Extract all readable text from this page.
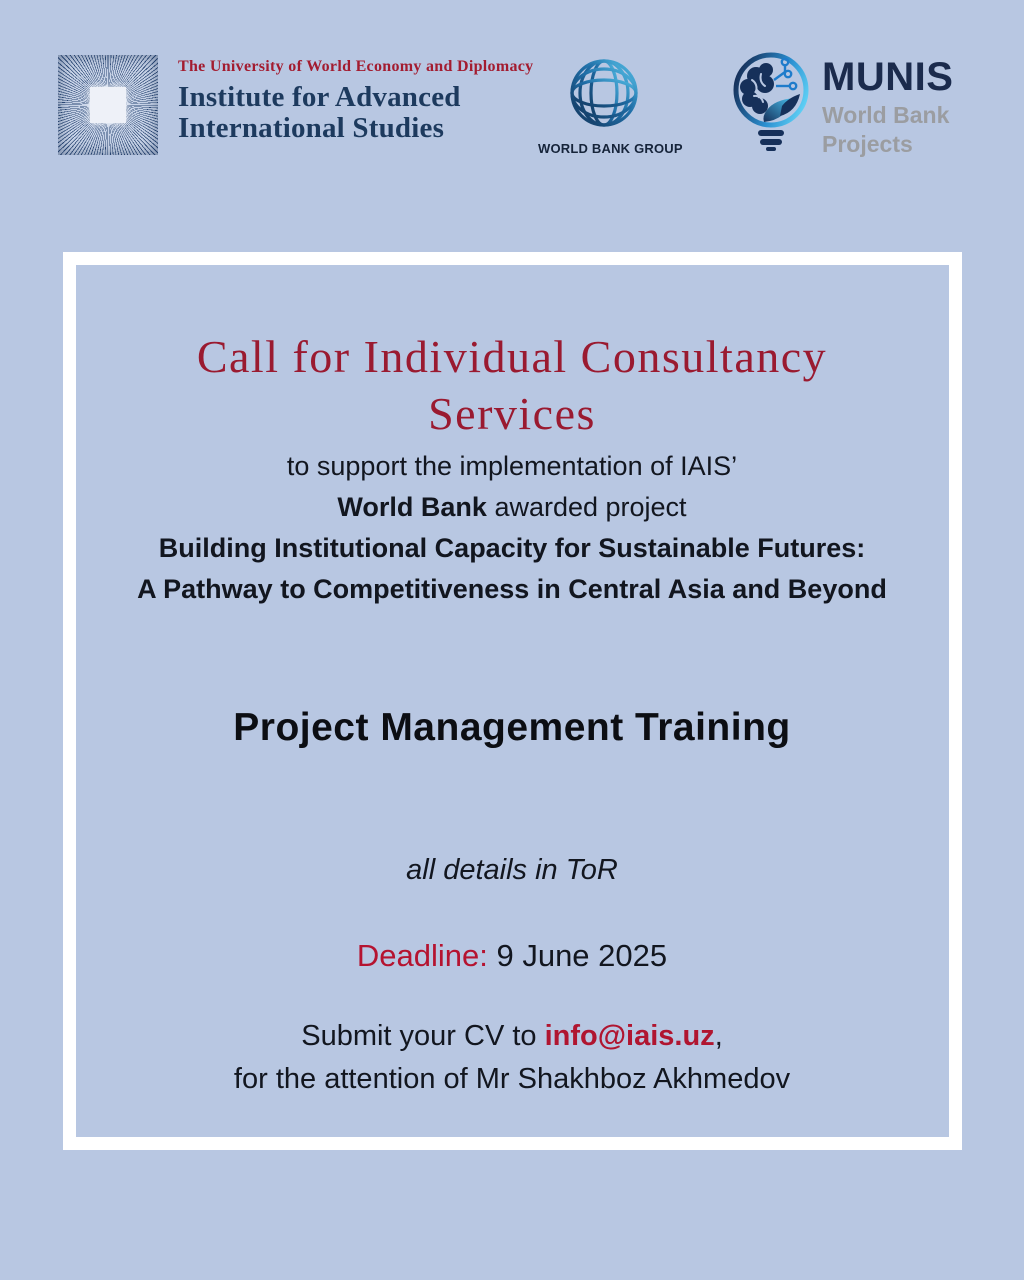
The University of World Economy and Diplomacy
Institute for Advanced
International Studies
WORLD BANK GROUP
MUNIS
World Bank
Projects
Call for Individual Consultancy
Services
to support the implementation of IAIS’
World Bank awarded project
Building Institutional Capacity for Sustainable Futures:
A Pathway to Competitiveness in Central Asia and Beyond
Project Management Training
all details in ToR
Deadline: 9 June 2025
Submit your CV to info@iais.uz,
for the attention of Mr Shakhboz Akhmedov
